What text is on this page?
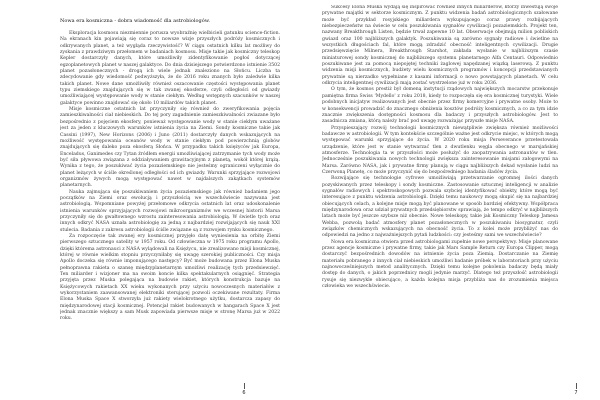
Nowa era kosmiczna - dobra wiadomość dla astrobiologów.

Eksploracja kosmosu niezmiennie porusza wyobraźnię wielbicieli gatunku science-fiction. Na ekranach kin pojawiają się coraz to nowsze wizje przyszłych podróży kosmicznych i odkrywanych planet, a też wygląda rzeczywistość? W ciągu ostatnich kilku lat możliwy do zyskania z prawdziwym przełomem w badaniach kosmosu. Misje takie jak kosmiczny teleskop Kepler dostarczyły danych, które umożliwiły zidentyfikowanie pogłoś dotyczącej egzoplanetowych planet w naszej galaktyce. Do dnia dzisiejszego potwierdzono istnienie 3502 planet pozasłonecznych - drogą ich wiele jednak znaleziono na Słońcu. Liczba ta zdecydowanie gdy wiedomość podwyższyła, że do 2016 roku znanych było zaledwie kilka takich planet. Nowe dane umożliwiły również oszacowanie częstości występowania planet typu ziemskiego znajdujących się w tak zwanej ekosferze, czyli odległości od gwiazdy umożliwiającej występowanie wody w stanie ciekłym. Według wstępnych szacunków w naszej galaktyce powinno znajdować się około 10 miliardów takich planet.

Misje kosmiczne ostatnich lat przyczyniły się również do zweryfikowania pojęcia zamieszkiwalności ciał niebieskich. Do tej pory zagadnienie zamieszkiwalności zwiazane było bezpośrednio z pojęciem ekosfery, ponieważ występowanie wody w stanie ciekłym uważane jest za jeden z kluczowych warunków istnienia życia na Ziemi. Sondy kosmiczne takie jak Cassini (1997), New Horizons (2006) i Juno (2011) dostarczyły danych wskazujących na możliwość występowania oceanów wody w stanie ciekłym pod powierzchnią globów znajdujących się daleko poza ekosferą Słońca. W przypadku takich księżyców jak Europa, Enceladus, Ganimedes czy Tytan źródłem energii umożliwiającej zatrzymanie tych wody może być siła pływowa związana z oddziaływaniem grawitacyjnym z planetą, wokół której krążą. Wynika z tego, że poszukiwać życia pozaziemskiego nie jesteśmy ograniczeni wyłącznie do planet leżących w ściśle określonej odległości od ich gwiazdy. Warunki sprzyjające rozwojowi organizmów żywych mogą występować nawet w najdalszych zakątkach systemów planetarnych.

Nauka zajmująca się poszukiwaniem życia pozaziemskiego jak również badaniem jego początków na Ziemi oraz ewolucją i przyszłością we wszechświecie nazywana jest astrobiologią. Wspomniane powyżej przełomowe odkrycia ostatnich lat oraz udoskonalenie istnienia warunków sprzyjających rozwojowi mikroorganizmów we wczesnej historii Marsa przyczyniły się do gwałtownego wzrostu zainteresowania astrobiologią. W świetle tych oraz innych odkryć NASA uznała astrobiologię za jedną z najbardziej rozwijających się nauk XXI stulecia. Badania z zakresu astrobiologii ściśle związane są z rozwojem rynku kosmicznego.

Za rozpoczęcie tak zwanej ery kosmicznej przyjęło datę wyniesienia na orbitę Ziemi pierwszego sztucznego satelity w 1957 roku. Od człowieczna w 1975 roku programu Apollo, dzięki którema astronauci z NASA wylądowali na Księżycu, nie zrealizowano misji kosmicznej, której w równie wielkim stopniu przyczyniłaby się uwagę szerokiej publiczności. Czy misja Apollo doczeka się równie imponującego następcy? Być może budowana przez Elona Muska pełnoprawna rakieta o szansę międzyplanetarnym umożliwi realizację tych przedsiewzięć. Ten miliarder i wizjoner ma na swoim koncie kilka spektakularnych osiągnięć. Strategia przyjęta przez Muska polegająca na budowie rakiet, których konstrukcja bazuje na Księżycowych rakietach XX wieku wykonanych przy użyciu nowoczesnych materiałów z wykorzystaniem zaawansowanej elektroniki sterującej pozwoli oczekiwane rezultaty. Firma Elona Muska Space X stworzyła już rakiety wielokrotnego użytku, dostarcza zapasy do międzynarodowej stacji kosmicznej. Potencjał rakiet budowanych w hangarach Space X jest jednak znacznie większy a sam Musk zapowiada pierwsze misje w stronę Marsa już w 2022 roku.

6

Sukcesy Elona Muska wydają się inspirować również innych miliarderów, którzy inwestują swoje prywatne majątki w sektorze kosmicznym. Z punktu widzenia badań astrobiologicznych szałowane może być przykład rosyjskiego miliardera wykupującego coraz prawy rozbijających niebezpieczeństw na świecie w celu poszukiwania sygnałów cywilizacji pozaziemskich. Projekt ten, nazwany Breakthrough Listen, będzie trwał zapewne 10 lat. Obserwacje obejmują milion pobliskich gwiazd oraz 100 najbliższych galaktyk. Poszukiwania są zarówno sygnały radiowe i świetlne na wszystkich długościach fal, które mogą zdradzić obecność inteligentnych cywilizacji. Drugie przedsięwzięcie Milnera, Breakthrough Starshot, zakłada wysłanie w najbliższym czasie miniaturowej sondy kosmicznej do najbliższego systemu planetarnego Alfa Centauri. Odpowiednio poszukiwane jest za pomocą niepojętej techniki żaglowej napędzanej wiązką laserową. Z punktu widzenia misji kosmicznych, budżety wielu kosmicznych programów i koncepcji przedstawianych prywatnie są nierzadko wypełniane z kasami informacji o nowo powstających planetach. W celu odkrycia inteligentnej cywilizacji mają zostać wystrzelone już w roku 2036.

O tym, że kosmos prestiż był domeną instytucji rządowych największych mocarstw przekonuje pamiętna firma Swiss 'Mydello' z roku 2018, kiedy to rozpoczęła się era kosmicznej turystyki. Wiele podobnych inicjatyw realizowanych jest obecnie przez firmy komercyjne i prywatne osoby. Może to w konsekwencji prowadzić do znacznego obniżenia kosztów podróży kosmicznych, a co za tym idzie znacznie zwiększenia dostępności kosmosu dla badaczy i przyszłych astrobiologów. Jest to zasadnicza zmiana, którą należy brać pod uwagę rozważając przyszłe misje NASA.

Przyspieszający rozwój technologii kosmicznych niewątpliwie zwiększa również możliwości badawcze w astrobiologii. W tym kontekście szczególnie ważne jest odkrycie miejsc, w których mogą występować warunki sprzyjające do życia. W 2020 roku misja Perseverance przetestowała urządzenie, które jest w stanie wytwarzać tlen z dwutlenku węgla obecnego w marsjańskiej atmosferze. Technologia ta w przyszłości może posłużyć do zaopatrywania astronautów w tlen. Jednocześnie poszukiwania nowych technologii zwiększa zainteresowanie misjami załogowymi na Marsa. Zarówno NASA, jak i prywatne firmy planują w ciągu najbliższych dekad wysłanie ludzi na Czerwoną Planetę, co może przyczynić się do bezpośredniego badania śladów życia.

Rozwijające się technologie cyfrowe umożliwiają przetwarzanie ogromnej ilości danych pozyskiwanych przez teleskopy i sondy kosmiczne. Zastosowanie sztucznej inteligencji w analizie sygnałów radiowych i spektroskopowych pozwala szybciej identyfikować obiekty, które mogą być interesujące z punktu widzenia astrobiologii. Dzięki temu naukowcy mogą skupić się na najbardziej obiecujących celach, a kolejne misje mogą być planowane w sposób bardziej efektywny. Współpraca międzynarodowa oraz udział prywatnych przedsiębiorstw sprawiają, że tempo odkryć w najbliższych latach może być jeszcze szybsze niż obecnie. Nowe teleskopy, takie jak Kosmiczny Teleskop Jamesa Webba, pozwolą badać atmosfery planet pozasłonecznych w poszukiwaniu biosygnatur, czyli związków chemicznych wskazujących na obecność życia. To z kolei może przybliżyć nas do odpowiedzi na jedno z najważniejszych pytań ludzkości: czy jesteśmy sami we wszechświecie?

Nowa era kosmiczna otwiera przed astrobiologami zupełnie nowe perspektywy. Misje planowane przez agencje kosmiczne i prywatne firmy, takie jak Mars Sample Return czy Europa Clipper, mogą dostarczyć bezpośrednich dowodów na istnienie życia poza Ziemią. Dostarczanie na Ziemię materiału pobranego z innych ciał niebieskich umożliwi badanie próbek w laboratoriach przy użyciu najnowocześniejszych metod analitycznych. Dzięki temu kolejne pokolenia badaczy będą miały dostęp do danych, o jakich poprzednicy mogli jedynie marzyć. Dlatego też przyszłość astrobiologii rysuje się niezwykle obiecująco, a każda kolejna misja przybliża nas do zrozumienia miejsca człowieka we wszechświecie.

7
